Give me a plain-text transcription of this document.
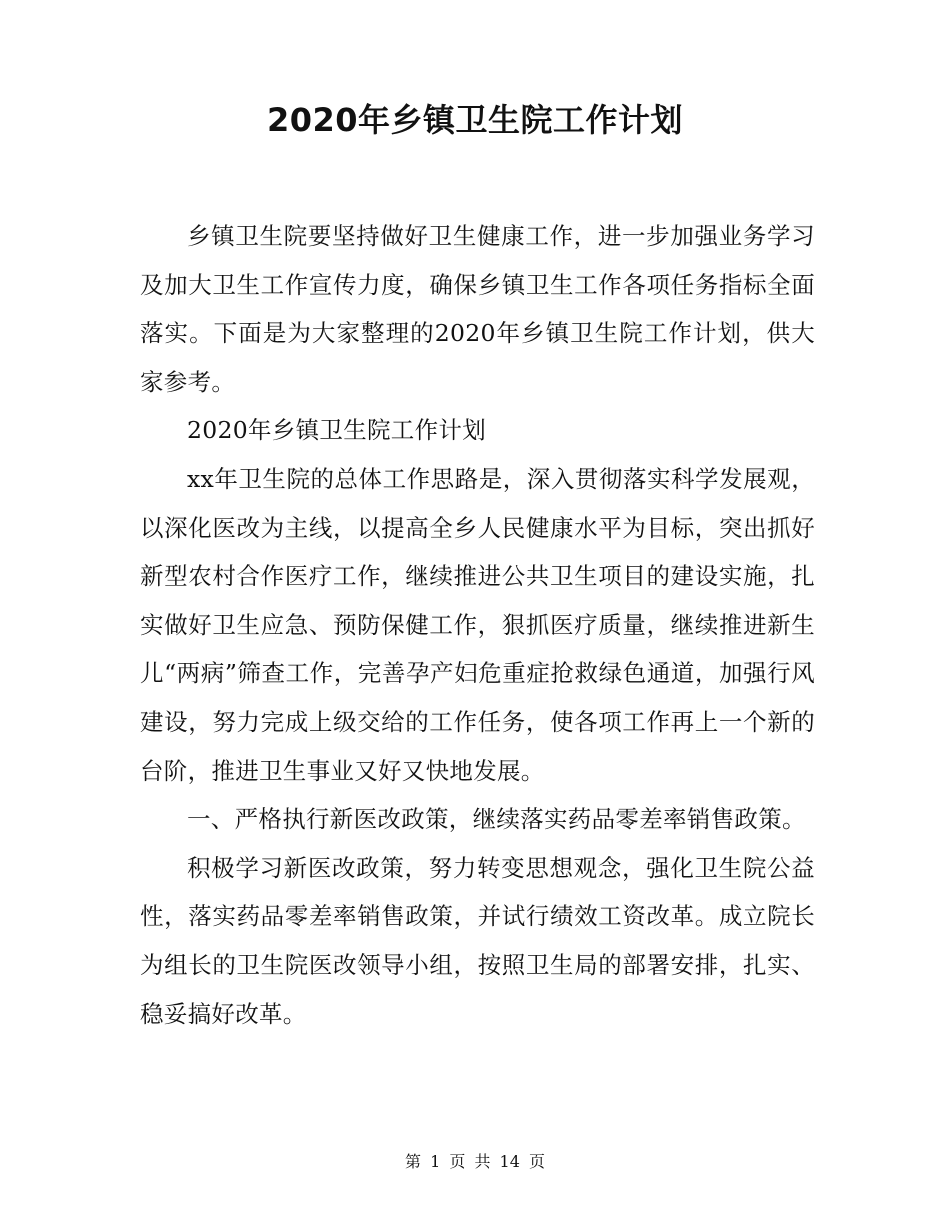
2020年乡镇卫生院工作计划

乡镇卫生院要坚持做好卫生健康工作，进一步加强业务学习及加大卫生工作宣传力度，确保乡镇卫生工作各项任务指标全面落实。下面是为大家整理的2020年乡镇卫生院工作计划，供大家参考。

2020年乡镇卫生院工作计划

xx年卫生院的总体工作思路是，深入贯彻落实科学发展观，以深化医改为主线，以提高全乡人民健康水平为目标，突出抓好新型农村合作医疗工作，继续推进公共卫生项目的建设实施，扎实做好卫生应急、预防保健工作，狠抓医疗质量，继续推进新生儿“两病”筛查工作，完善孕产妇危重症抢救绿色通道，加强行风建设，努力完成上级交给的工作任务，使各项工作再上一个新的台阶，推进卫生事业又好又快地发展。

一、严格执行新医改政策，继续落实药品零差率销售政策。

积极学习新医改政策，努力转变思想观念，强化卫生院公益性，落实药品零差率销售政策，并试行绩效工资改革。成立院长为组长的卫生院医改领导小组，按照卫生局的部署安排，扎实、稳妥搞好改革。

第 1 页 共 14 页
